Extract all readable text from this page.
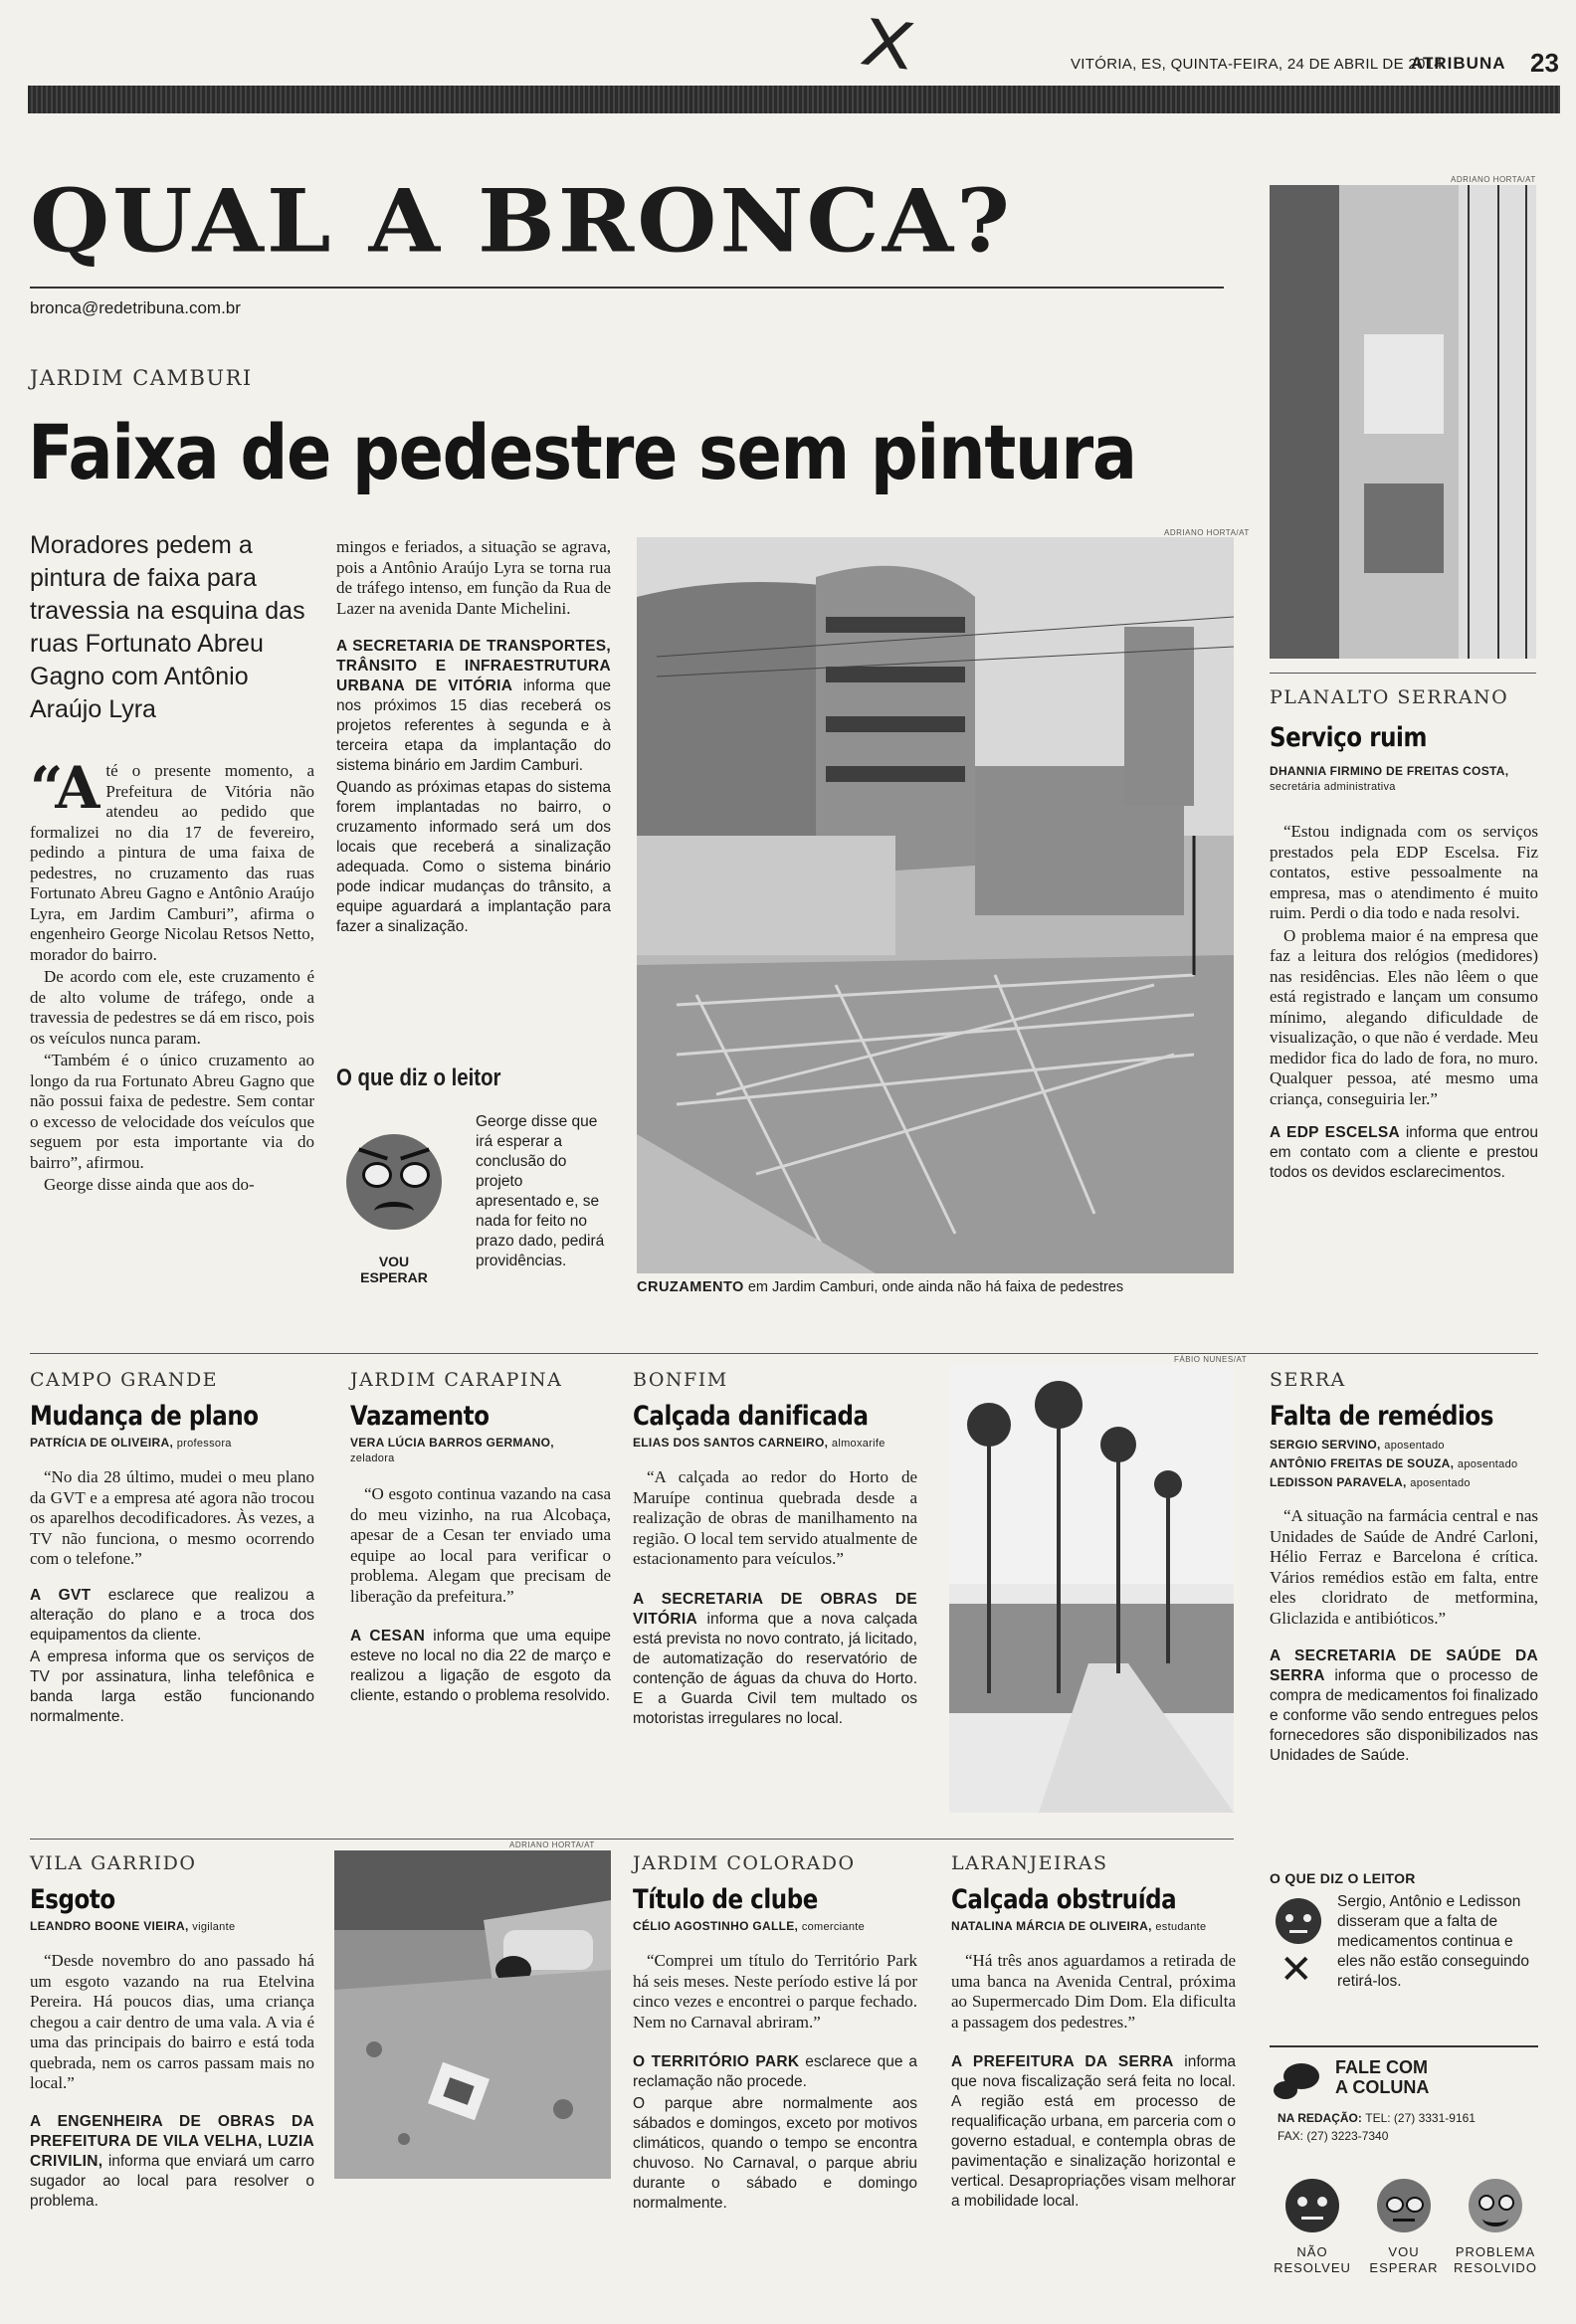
X	VITÓRIA, ES, QUINTA-FEIRA, 24 DE ABRIL DE 2014
ATRIBUNA 23
QUAL A BRONCA?
bronca@redetribuna.com.br
JARDIM CAMBURI
Faixa de pedestre sem pintura
Moradores pedem a pintura de faixa para travessia na esquina das ruas Fortunato Abreu Gagno com Antônio Araújo Lyra

“Até o presente momento, a Prefeitura de Vitória não atendeu ao pedido que formalizei no dia 17 de fevereiro, pedindo a pintura de uma faixa de pedestres, no cruzamento das ruas Fortunato Abreu Gagno e Antônio Araújo Lyra, em Jardim Camburi”, afirma o engenheiro George Nicolau Retsos Netto, morador do bairro.

De acordo com ele, este cruzamento é de alto volume de tráfego, onde a travessia de pedestres se dá em risco, pois os veículos nunca param.

“Também é o único cruzamento ao longo da rua Fortunato Abreu Gagno que não possui faixa de pedestre. Sem contar o excesso de velocidade dos veículos que seguem por esta importante via do bairro”, afirmou.

George disse ainda que aos do-

mingos e feriados, a situação se agrava, pois a Antônio Araújo Lyra se torna rua de tráfego intenso, em função da Rua de Lazer na avenida Dante Michelini.

A SECRETARIA DE TRANSPORTES, TRÂNSITO E INFRAESTRUTURA URBANA DE VITÓRIA informa que nos próximos 15 dias receberá os projetos referentes à segunda e à terceira etapa da implantação do sistema binário em Jardim Camburi.

Quando as próximas etapas do sistema forem implantadas no bairro, o cruzamento informado será um dos locais que receberá a sinalização adequada. Como o sistema binário pode indicar mudanças do trânsito, a equipe aguardará a implantação para fazer a sinalização.

O que diz o leitor
VOU ESPERAR
George disse que irá esperar a conclusão do projeto apresentado e, se nada for feito no prazo dado, pedirá providências.
ADRIANO HORTA/AT
CRUZAMENTO em Jardim Camburi, onde ainda não há faixa de pedestres
ADRIANO HORTA/AT
PLANALTO SERRANO
Serviço ruim
DHANNIA FIRMINO DE FREITAS COSTA,
secretária administrativa

“Estou indignada com os serviços prestados pela EDP Escelsa. Fiz contatos, estive pessoalmente na empresa, mas o atendimento é muito ruim. Perdi o dia todo e nada resolvi.

O problema maior é na empresa que faz a leitura dos relógios (medidores) nas residências. Eles não lêem o que está registrado e lançam um consumo mínimo, alegando dificuldade de visualização, o que não é verdade. Meu medidor fica do lado de fora, no muro. Qualquer pessoa, até mesmo uma criança, conseguiria ler.”

A EDP ESCELSA informa que entrou em contato com a cliente e prestou todos os devidos esclarecimentos.

CAMPO GRANDE
Mudança de plano
PATRÍCIA DE OLIVEIRA, professora

“No dia 28 último, mudei o meu plano da GVT e a empresa até agora não trocou os aparelhos decodificadores. Às vezes, a TV não funciona, o mesmo ocorrendo com o telefone.”

A GVT esclarece que realizou a alteração do plano e a troca dos equipamentos da cliente.

A empresa informa que os serviços de TV por assinatura, linha telefônica e banda larga estão funcionando normalmente.

JARDIM CARAPINA
Vazamento
VERA LÚCIA BARROS GERMANO,
zeladora

“O esgoto continua vazando na casa do meu vizinho, na rua Alcobaça, apesar de a Cesan ter enviado uma equipe ao local para verificar o problema. Alegam que precisam de liberação da prefeitura.”

A CESAN informa que uma equipe esteve no local no dia 22 de março e realizou a ligação de esgoto da cliente, estando o problema resolvido.

BONFIM
Calçada danificada
ELIAS DOS SANTOS CARNEIRO, almoxarife

“A calçada ao redor do Horto de Maruípe continua quebrada desde a realização de obras de manilhamento na região. O local tem servido atualmente de estacionamento para veículos.”

A SECRETARIA DE OBRAS DE VITÓRIA informa que a nova calçada está prevista no novo contrato, já licitado, de automatização do reservatório de contenção de águas da chuva do Horto. E a Guarda Civil tem multado os motoristas irregulares no local.

FÁBIO NUNES/AT
SERRA
Falta de remédios
SERGIO SERVINO, aposentado
ANTÔNIO FREITAS DE SOUZA, aposentado
LEDISSON PARAVELA, aposentado

“A situação na farmácia central e nas Unidades de Saúde de André Carloni, Hélio Ferraz e Barcelona é crítica. Vários remédios estão em falta, entre eles cloridrato de metformina, Gliclazida e antibióticos.”

A SECRETARIA DE SAÚDE DA SERRA informa que o processo de compra de medicamentos foi finalizado e conforme vão sendo entregues pelos fornecedores são disponibilizados nas Unidades de Saúde.

O QUE DIZ O LEITOR
✕
Sergio, Antônio e Ledisson disseram que a falta de medicamentos continua e eles não estão conseguindo retirá-los.
VILA GARRIDO
Esgoto
LEANDRO BOONE VIEIRA, vigilante

“Desde novembro do ano passado há um esgoto vazando na rua Etelvina Pereira. Há poucos dias, uma criança chegou a cair dentro de uma vala. A via é uma das principais do bairro e está toda quebrada, nem os carros passam mais no local.”

A ENGENHEIRA DE OBRAS DA PREFEITURA DE VILA VELHA, LUZIA CRIVILIN, informa que enviará um carro sugador ao local para resolver o problema.

ADRIANO HORTA/AT
JARDIM COLORADO
Título de clube
CÉLIO AGOSTINHO GALLE, comerciante

“Comprei um título do Território Park há seis meses. Neste período estive lá por cinco vezes e encontrei o parque fechado. Nem no Carnaval abriram.”

O TERRITÓRIO PARK esclarece que a reclamação não procede.

O parque abre normalmente aos sábados e domingos, exceto por motivos climáticos, quando o tempo se encontra chuvoso. No Carnaval, o parque abriu durante o sábado e domingo normalmente.

LARANJEIRAS
Calçada obstruída
NATALINA MÁRCIA DE OLIVEIRA, estudante

“Há três anos aguardamos a retirada de uma banca na Avenida Central, próxima ao Supermercado Dim Dom. Ela dificulta a passagem dos pedestres.”

A PREFEITURA DA SERRA informa que nova fiscalização será feita no local. A região está em processo de requalificação urbana, em parceria com o governo estadual, e contempla obras de pavimentação e sinalização horizontal e vertical. Desapropriações visam melhorar a mobilidade local.

FALE COM
A COLUNA
NA REDAÇÃO: TEL: (27) 3331-9161
FAX: (27) 3223-7340
NÃO RESOLVEU
VOU ESPERAR
PROBLEMA RESOLVIDO
